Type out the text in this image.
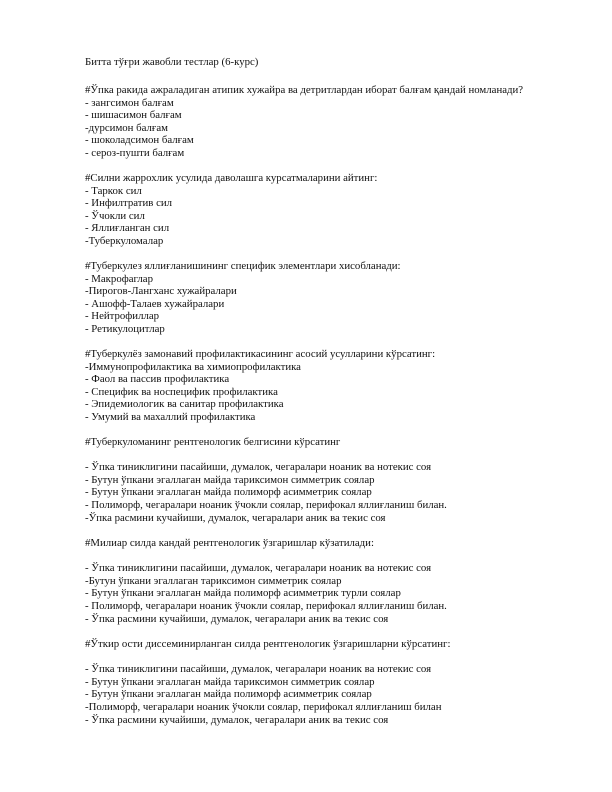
Битта тўғри жавобли тестлар (6-курс)
#Ўпка ракида ажраладиган атипик хужайра ва детритлардан иборат балғам қандай номланади?
- зангсимон балғам
- шишасимон балғам
-дурсимон балғам
- шоколадсимон балғам
- сероз-пушти балғам
#Силни жаррохлик усулида даволашга курсатмаларини айтинг:
- Таркок сил
- Инфилтратив сил
- Ўчокли сил
- Яллиғланган сил
-Туберкуломалар
#Туберкулез яллиғланишининг специфик элементлари хисобланади:
- Макрофаглар
-Пирогов-Лангханс хужайралари
- Ашофф-Талаев хужайралари
- Нейтрофиллар
- Ретикулоцитлар
#Туберкулёз замонавий профилактикасининг асосий усулларини кўрсатинг:
-Иммунопрофилактика ва химиопрофилактика
- Фаол ва пассив профилактика
- Специфик ва носпецифик профилактика
- Эпидемиологик ва санитар профилактика
- Умумий ва махаллий профилактика
#Туберкуломанинг рентгенологик белгисини кўрсатинг
- Ўпка тиниклигини пасайиши, думалок, чегаралари ноаник ва нотекис соя
- Бутун ўпкани эгаллаган майда тариксимон симметрик соялар
- Бутун ўпкани эгаллаган майда полиморф асимметрик соялар
- Полиморф, чегаралари ноаник ўчокли соялар, перифокал яллиғланиш билан.
-Ўпка расмини кучайиши, думалок, чегаралари аник ва текис соя
#Милиар силда кандай рентгенологик ўзгаришлар кўзатилади:
- Ўпка тиниклигини пасайиши, думалок, чегаралари ноаник ва нотекис соя
-Бутун ўпкани эгаллаган тариксимон симметрик соялар
- Бутун ўпкани эгаллаган майда полиморф асимметрик турли соялар
- Полиморф, чегаралари ноаник ўчокли соялар, перифокал яллиғланиш билан.
- Ўпка расмини кучайиши, думалок, чегаралари аник ва текис соя
#Ўткир ости диссеминирланган силда рентгенологик ўзгаришларни кўрсатинг:
- Ўпка тиниклигини пасайиши, думалок, чегаралари ноаник ва нотекис соя
- Бутун ўпкани эгаллаган майда тариксимон симметрик соялар
- Бутун ўпкани эгаллаган майда полиморф асимметрик соялар
-Полиморф, чегаралари ноаник ўчокли соялар, перифокал яллиғланиш билан
- Ўпка расмини кучайиши, думалок, чегаралари аник ва текис соя
